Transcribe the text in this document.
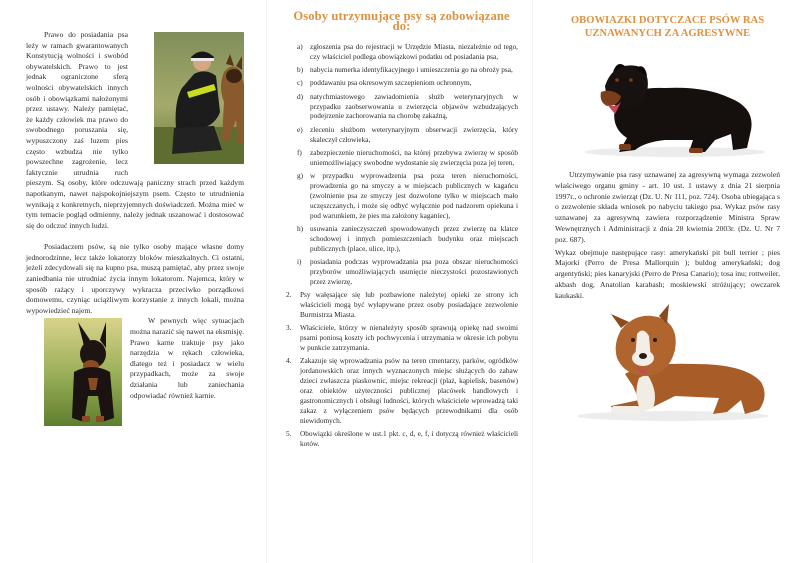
Prawo do posiadania psa leży w ramach gwarantowanych Konstytucją wolności i swobód obywatelskich. Prawo to jest jednak ograniczone sferą wolności obywatelskich innych osób i obowiązkami nałożonymi przez ustawy. Należy pamiętać, że każdy człowiek ma prawo do swobodnego poruszania się, wypuszczony zaś luzem pies często wzbudza nie tylko powszechne zagrożenie, lecz faktycznie utrudnia ruch pieszym. Są osoby, które odczuwają paniczny strach przed każdym napotkanym, nawet najspokojniejszym psem. Często te utrudnienia wynikają z konkretnych, nieprzyjemnych doświadczeń. Można mieć w tym temacie pogląd odmienny, należy jednak uszanować i dostosować się do odczuć innych ludzi.

Posiadaczem psów, są nie tylko osoby mające własne domy jednorodzinne, lecz także lokatorzy bloków mieszkalnych. Ci ostatni, jeżeli zdecydowali się na kupno psa, muszą pamiętać, aby przez swoje zaniedbania nie utrudniać życia innym lokatorom. Najemca, który w sposób rażący i uporczywy wykracza przeciwko porządkowi domowemu, czyniąc uciążliwym korzystanie z innych lokali, można wypowiedzieć najem.

W pewnych więc sytuacjach można narazić się nawet na eksmisję. Prawo karne traktuje psy jako narzędzia w rękach człowieka, dlatego też i posiadacz w wielu przypadkach, może za swoje działania lub zaniechania odpowiadać również karnie.

Osoby utrzymujące psy są zobowiązane do:
a)	zgłoszenia psa do rejestracji w Urzędzie Miasta, niezależnie od tego, czy właściciel podlega obowiązkowi podatku od posiadania psa,
b) nabycia numerka identyfikacyjnego i umieszczenia go na obroży psa,
c)	poddawaniu psa okresowym szczepieniom ochronnym,
d) natychmiastowego zawiadomienia służb weterynaryjnych w przypadku zaobserwowania u zwierzęcia objawów wzbudzających podejrzenie zachorowania na chorobę zakaźną,
e)	zleceniu służbom weterynaryjnym obserwacji zwierzęcia, który skaleczył człowieka,
f)	zabezpieczenie nieruchomości, na której przebywa zwierzę w sposób uniemożliwiający swobodne wydostanie się zwierzęcia poza jej teren,
g) w przypadku wyprowadzenia psa poza teren nieruchomości, prowadzenia go na smyczy a w miejscach publicznych w kagańcu (zwolnienie psa ze smyczy jest dozwolone tylko w miejscach mało uczęszczanych, i może się odbyć wyłącznie pod nadzorem opiekuna i pod warunkiem, że pies ma założony kaganiec),
h) usuwania zanieczyszczeń spowodowanych przez zwierzę na klatce schodowej i innych pomieszczeniach budynku oraz miejscach publicznych (place, ulice, itp.),
i)	posiadania podczas wyprowadzania psa poza obszar nieruchomości przyborów umożliwiających usunięcie nieczystości pozostawionych przez zwierzę,
2.	Psy wałęsające się lub pozbawione należytej opieki ze strony ich właścicieli mogą być wyłapywane przez osoby posiadające zezwolenie Burmistrza Miasta.
3.	Właściciele, którzy w nienależyty sposób sprawują opiekę nad swoimi psami poniosą koszty ich pochwycenia i utrzymania w okresie ich pobytu w punkcie zatrzymania.
4.	Zakazuje się wprowadzania psów na teren cmentarzy, parków, ogródków jordanowskich oraz innych wyznaczonych miejsc służących do zabaw dzieci zwłaszcza piaskownic, miejsc rekreacji (plaż, kąpielisk, basenów) oraz obiektów użyteczności publicznej placówek handlowych i gastronomicznych i obsługi ludności, których właściciele wprowadzą taki zakaz z wyłączeniem psów będących przewodnikami dla osób niewidomych.
5.	Obowiązki określone w ust.1 pkt. c, d, e, f, i dotyczą również właścicieli kotów.
OBOWIAZKI DOTYCZACE PSÓW RAS UZNAWANYCH ZA AGRESYWNE

Utrzymywanie psa rasy uznawanej za agresywną wymaga zezwoleń właściwego organu gminy - art. 10 ust. 1 ustawy z dnia 21 sierpnia 1997r., o ochronie zwierząt (Dz. U. Nr 111, poz. 724). Osoba ubiegająca s o zezwolenie składa wniosek po nabyciu takiego psa. Wykaz psów rasy uznawanej za agresywną zawiera rozporządzenie Ministra Spraw Wewnętrznych i Administracji z dnia 28 kwietnia 2003r. (Dz. U. Nr 7 poz. 687).

Wykaz obejmuje następujące rasy: amerykański pit bull terrier ; pies Majorki (Perro de Presa Mallorquin ); buldog amerykański; dog argentyński; pies kanaryjski (Perro de Presa Canario); tosa inu; rottweiler, akbash dog, Anatolian karabash; moskiewski stróżujący; owczarek kaukaski.
